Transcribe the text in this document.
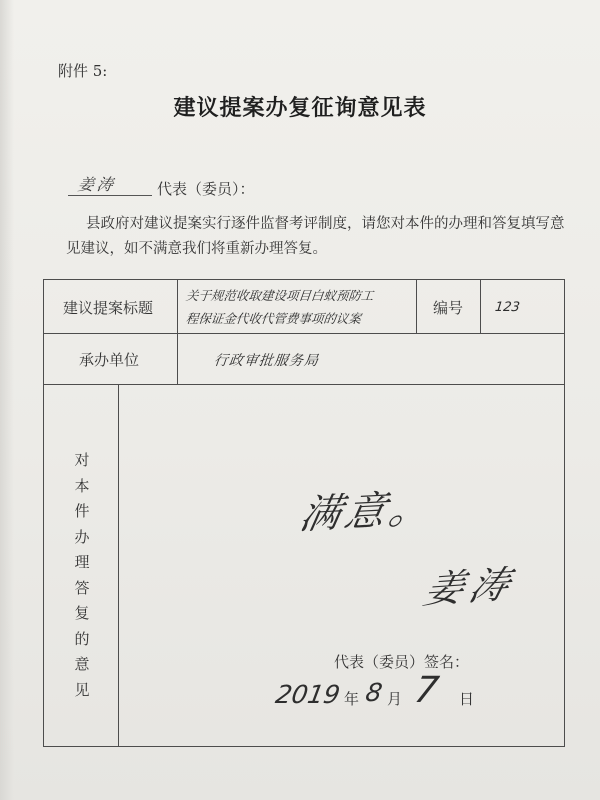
附件 5:
建议提案办复征询意见表
姜涛	代表（委员）：
县政府对建议提案实行逐件监督考评制度，请您对本件的办理和答复填写意见建议，如不满意我们将重新办理答复。
建议提案标题
关于规范收取建设项目白蚁预防工
程保证金代收代管费事项的议案
编号 123
承办单位	行政审批服务局
对本件办理答复的意见
满意。
姜涛
代表（委员）签名：
2019 年 8 月 7 日
